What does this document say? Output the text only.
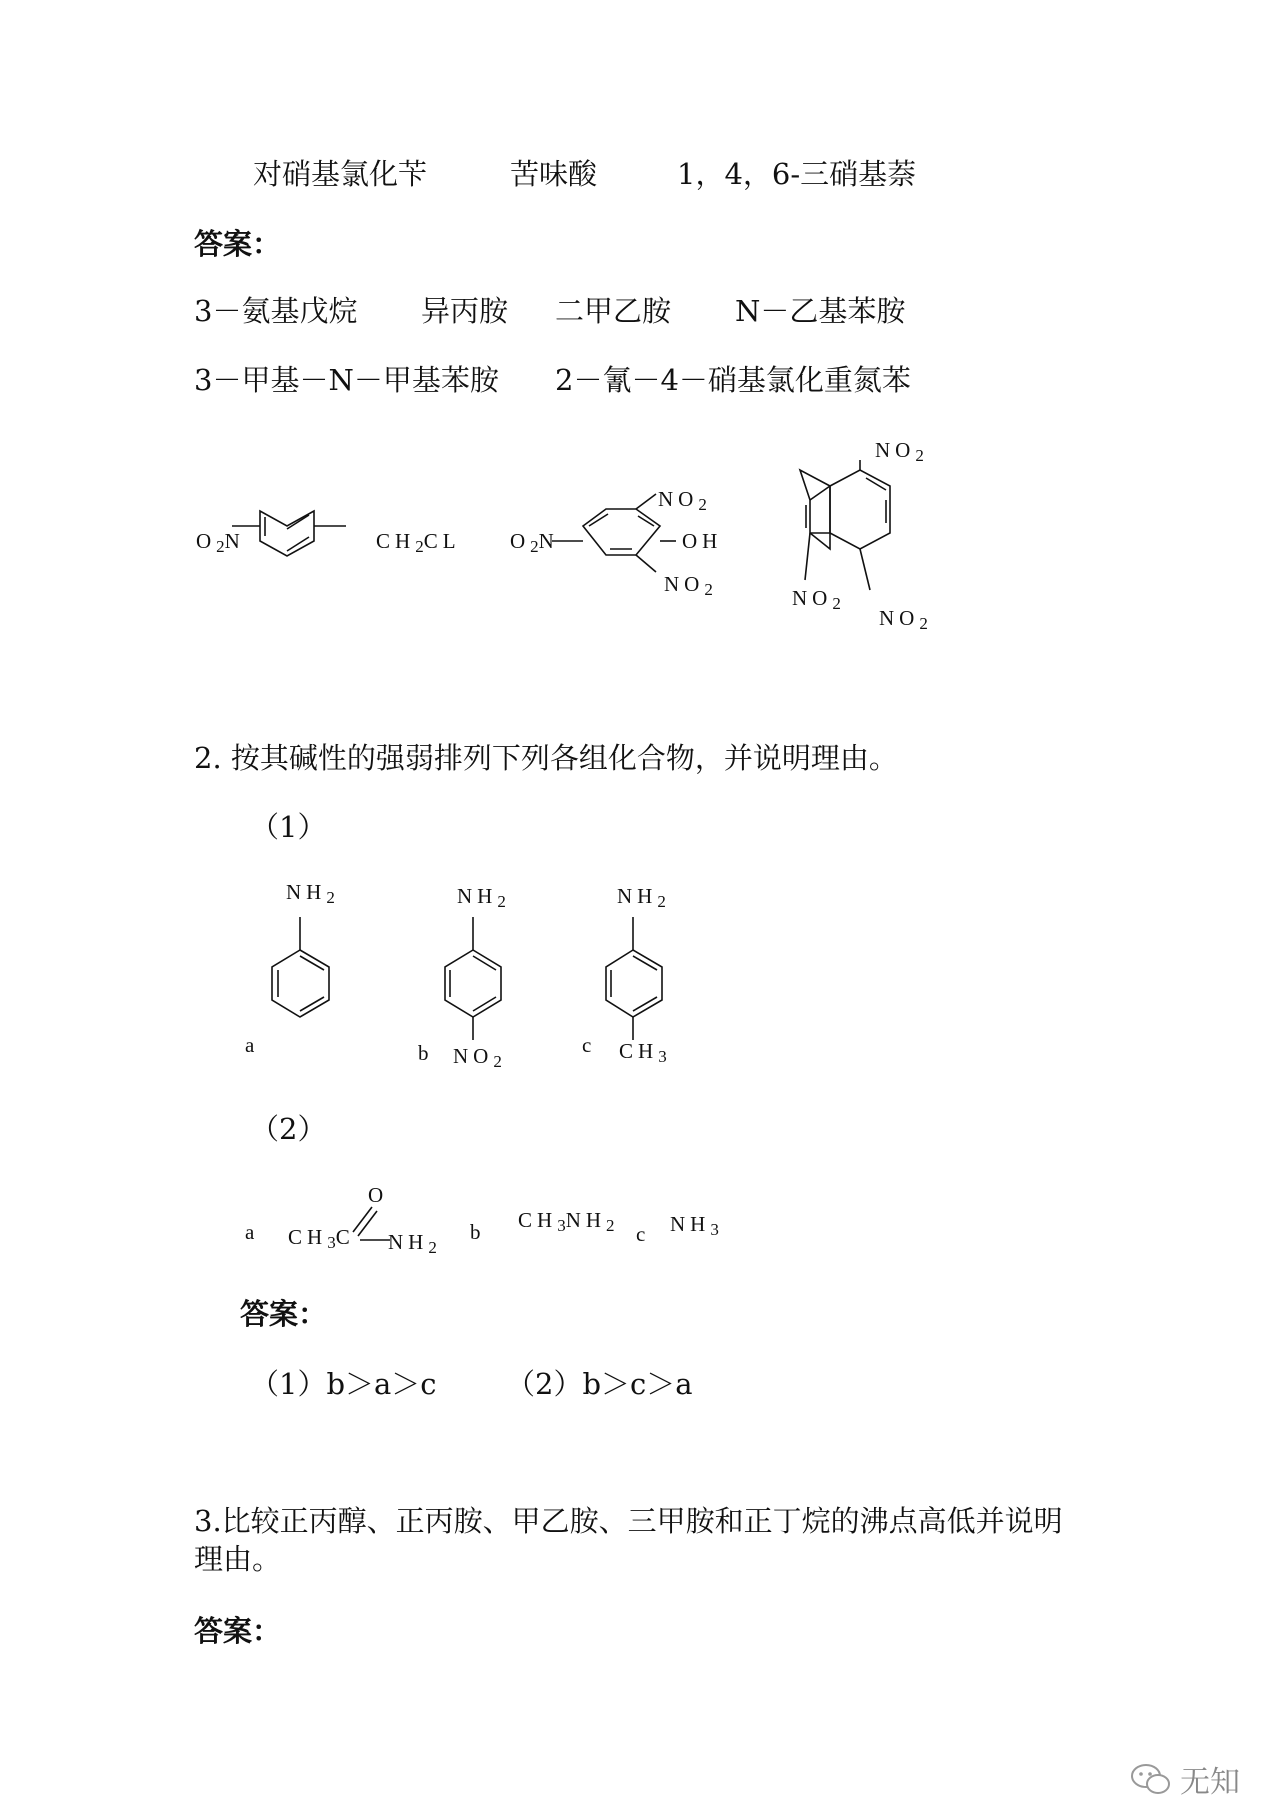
对硝基氯化苄	苦味酸	1，4，6-三硝基萘
答案：
3－氨基戊烷 异丙胺 二甲乙胺 N－乙基苯胺
3－甲基－N－甲基苯胺 2－氰－4－硝基氯化重氮苯
$O_2N$	$CH_2CL$ $O_2N$
$NO_2$
OH
$NO_2$
$NO_2$
$NO_2$
$NO_2$
2. 按其碱性的强弱排列下列各组化合物，并说明理由。
（1）
$NH_2$	$NH_2$	$NH_2$
a	b $NO_2$
c $CH_3$
（2）
a
O
$CH_3C$ $NH_2$
b $CH_3NH_2$ c $NH_3$
答案：
（1）b＞a＞c （2）b＞c＞a
3.比较正丙醇、正丙胺、甲乙胺、三甲胺和正丁烷的沸点高低并说明
理由。
答案：
无知
